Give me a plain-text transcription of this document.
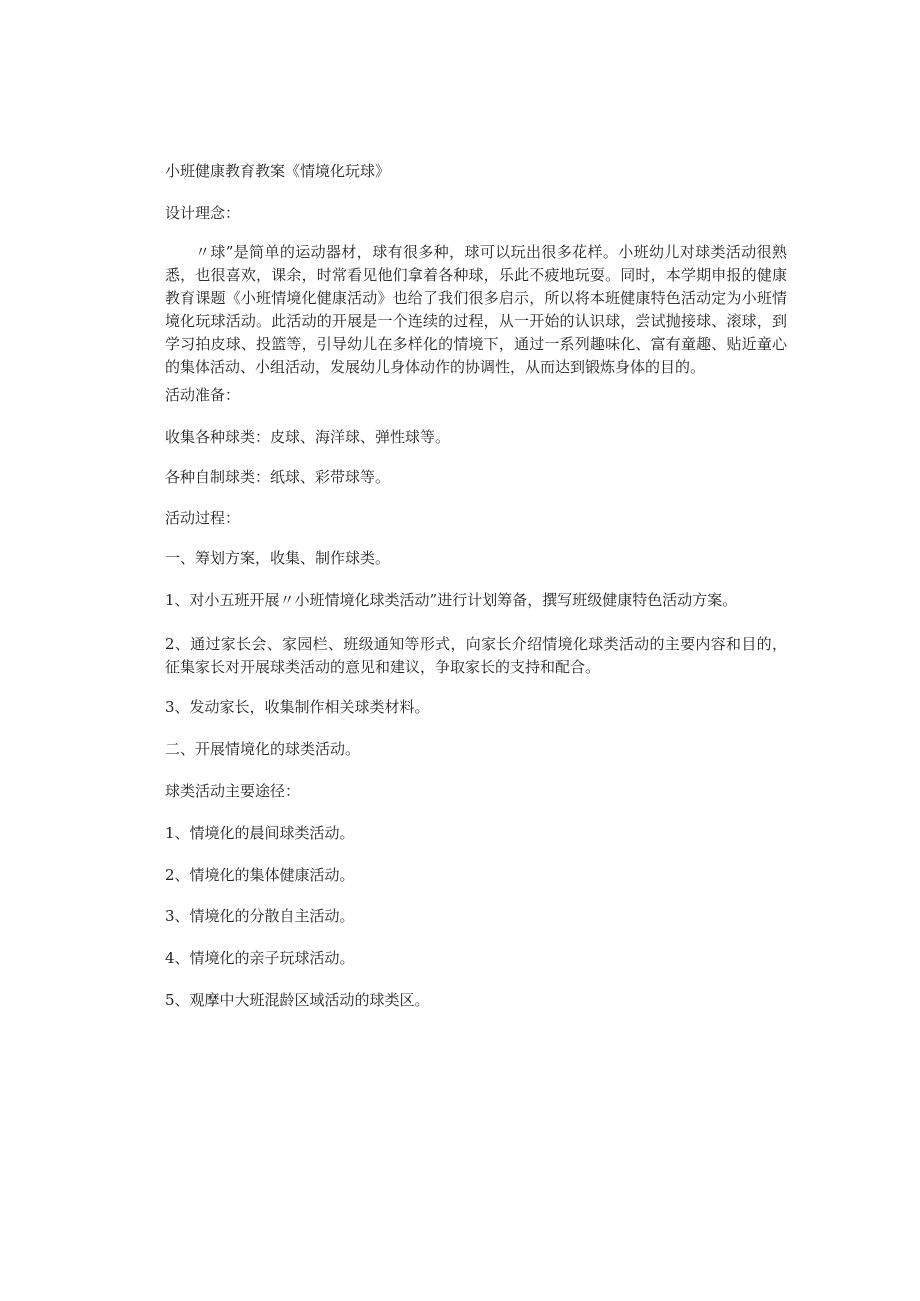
小班健康教育教案《情境化玩球》

设计理念：

〃球”是简单的运动器材，球有很多种，球可以玩出很多花样。小班幼儿对球类活动很熟悉，也很喜欢，课余，时常看见他们拿着各种球，乐此不疲地玩耍。同时，本学期申报的健康教育课题《小班情境化健康活动》也给了我们很多启示，所以将本班健康特色活动定为小班情境化玩球活动。此活动的开展是一个连续的过程，从一开始的认识球，尝试抛接球、滚球，到学习拍皮球、投篮等，引导幼儿在多样化的情境下，通过一系列趣味化、富有童趣、贴近童心的集体活动、小组活动，发展幼儿身体动作的协调性，从而达到锻炼身体的目的。

活动准备：

收集各种球类：皮球、海洋球、弹性球等。

各种自制球类：纸球、彩带球等。

活动过程：

一、筹划方案，收集、制作球类。

1、对小五班开展〃小班情境化球类活动”进行计划筹备，撰写班级健康特色活动方案。

2、通过家长会、家园栏、班级通知等形式，向家长介绍情境化球类活动的主要内容和目的，征集家长对开展球类活动的意见和建议，争取家长的支持和配合。

3、发动家长，收集制作相关球类材料。

二、开展情境化的球类活动。

球类活动主要途径：

1、情境化的晨间球类活动。

2、情境化的集体健康活动。

3、情境化的分散自主活动。

4、情境化的亲子玩球活动。

5、观摩中大班混龄区域活动的球类区。
